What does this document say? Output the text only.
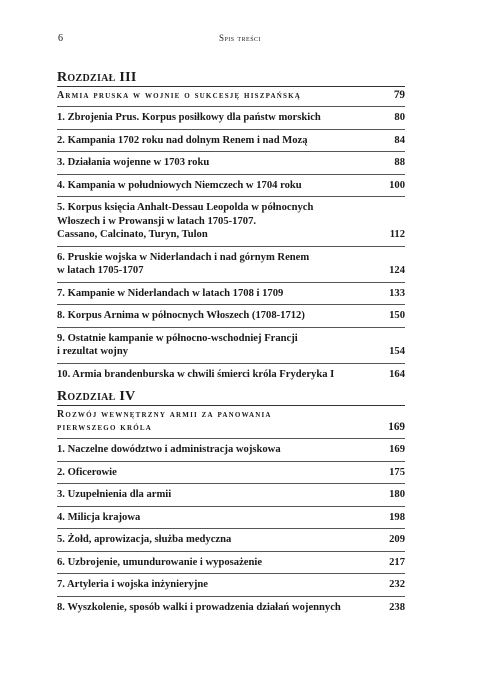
6	Spis treści
Rozdział III
Armia pruska w wojnie o sukcesję hiszpańską	79
1. Zbrojenia Prus. Korpus posiłkowy dla państw morskich	80
2. Kampania 1702 roku nad dolnym Renem i nad Mozą	84
3. Działania wojenne w 1703 roku	88
4. Kampania w południowych Niemczech w 1704 roku	100
5. Korpus księcia Anhalt-Dessau Leopolda w północnych
Włoszech i w Prowansji w latach 1705-1707.
Cassano, Calcinato, Turyn, Tulon	112
6. Pruskie wojska w Niderlandach i nad górnym Renem
w latach 1705-1707	124
7. Kampanie w Niderlandach w latach 1708 i 1709	133
8. Korpus Arnima w północnych Włoszech (1708-1712)	150
9. Ostatnie kampanie w północno-wschodniej Francji
i rezultat wojny	154
10. Armia brandenburska w chwili śmierci króla Fryderyka I	164
Rozdział IV
Rozwój wewnętrzny armii za panowania
pierwszego króla	169
1. Naczelne dowództwo i administracja wojskowa	169
2. Oficerowie	175
3. Uzupełnienia dla armii	180
4. Milicja krajowa	198
5. Żołd, aprowizacja, służba medyczna	209
6. Uzbrojenie, umundurowanie i wyposażenie	217
7. Artyleria i wojska inżynieryjne	232
8. Wyszkolenie, sposób walki i prowadzenia działań wojennych	238
